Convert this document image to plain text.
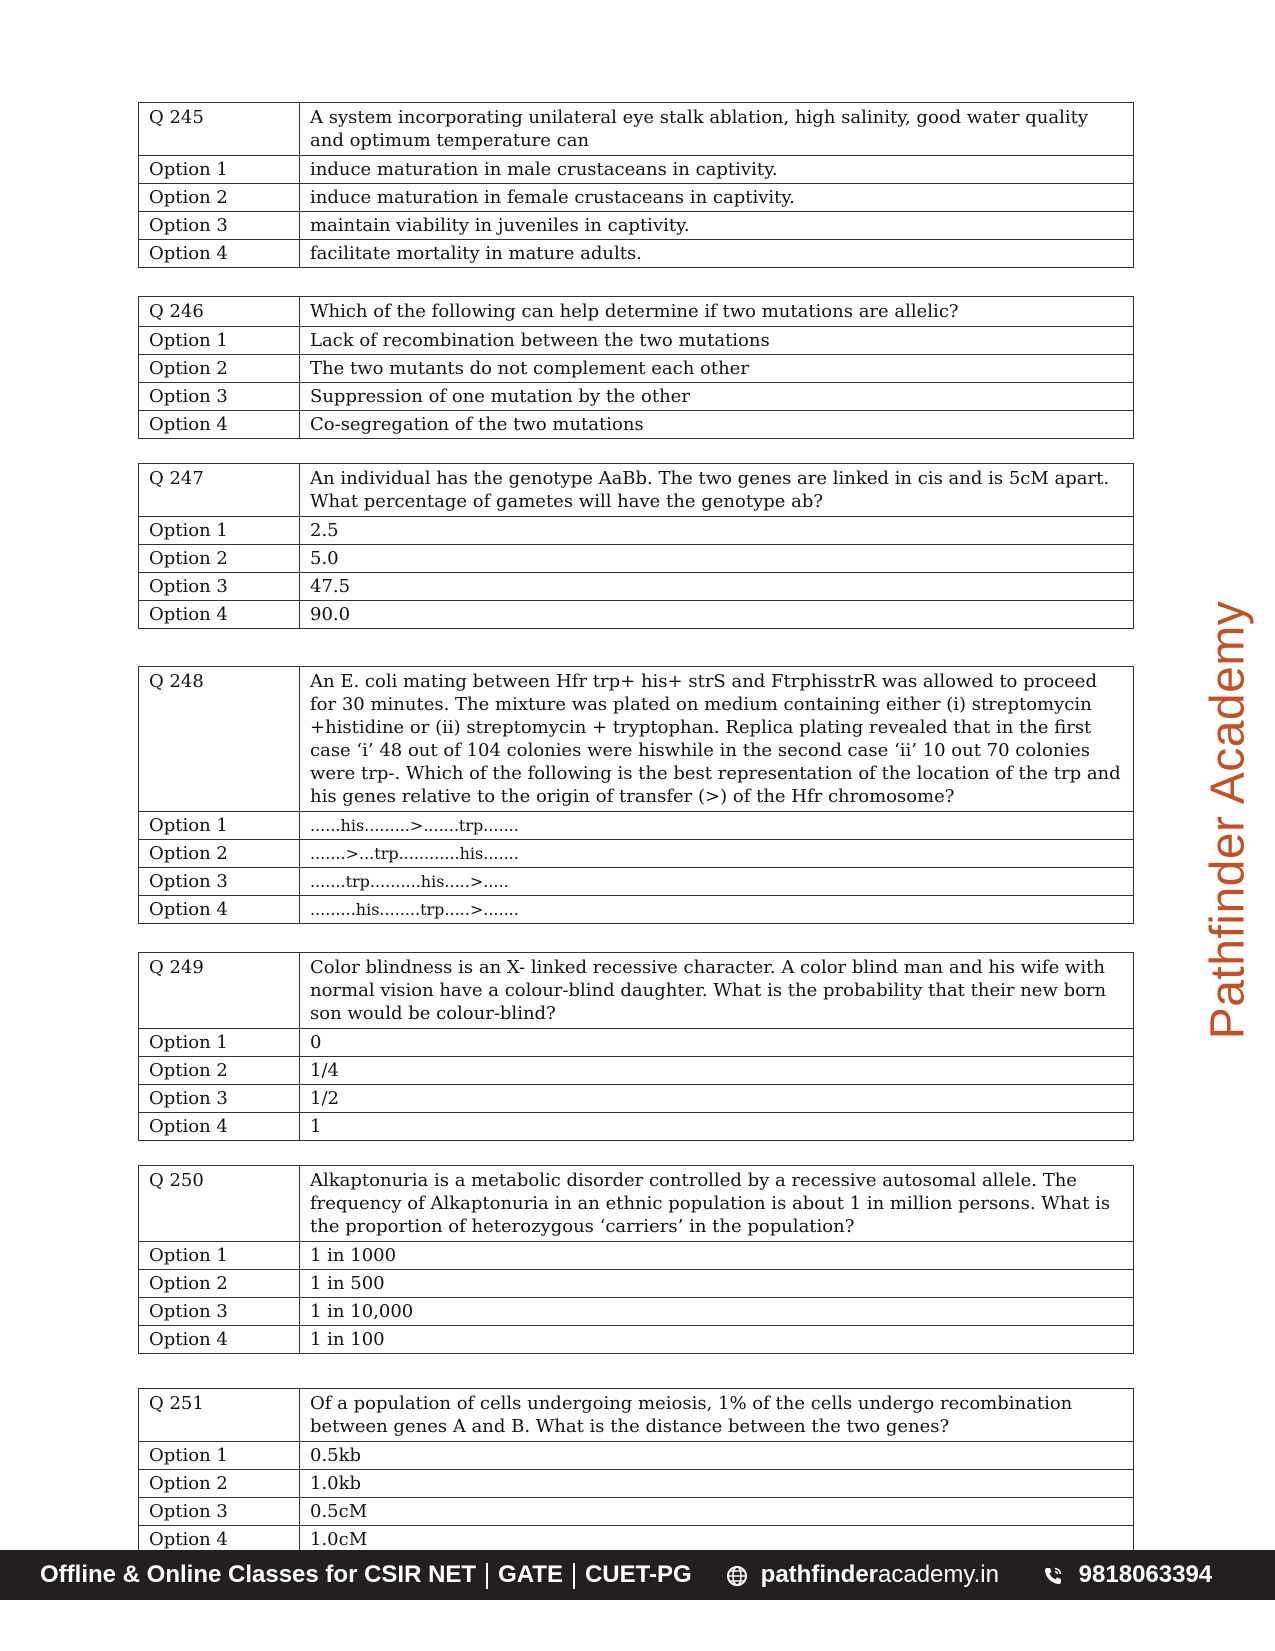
Q 245	A system incorporating unilateral eye stalk ablation, high salinity, good water quality and optimum temperature can
Option 1	induce maturation in male crustaceans in captivity.
Option 2	induce maturation in female crustaceans in captivity.
Option 3	maintain viability in juveniles in captivity.
Option 4	facilitate mortality in mature adults.
Q 246	Which of the following can help determine if two mutations are allelic?
Option 1	Lack of recombination between the two mutations
Option 2	The two mutants do not complement each other
Option 3	Suppression of one mutation by the other
Option 4	Co-segregation of the two mutations
Q 247	An individual has the genotype AaBb. The two genes are linked in cis and is 5cM apart. What percentage of gametes will have the genotype ab?
Option 1	2.5
Option 2	5.0
Option 3	47.5
Option 4	90.0
Q 248	An E. coli mating between Hfr trp+ his+ strS and FtrphisstrR was allowed to proceed for 30 minutes. The mixture was plated on medium containing either (i) streptomycin +histidine or (ii) streptomycin + tryptophan. Replica plating revealed that in the first case ‘i’ 48 out of 104 colonies were hiswhile in the second case ‘ii’ 10 out 70 colonies were trp-. Which of the following is the best representation of the location of the trp and his genes relative to the origin of transfer (>) of the Hfr chromosome?
Option 1	......his.........>.......trp.......
Option 2	.......>...trp............his.......
Option 3	.......trp..........his.....>.....
Option 4	.........his........trp.....>.......
Q 249	Color blindness is an X- linked recessive character. A color blind man and his wife with normal vision have a colour-blind daughter. What is the probability that their new born son would be colour-blind?
Option 1	0
Option 2	1/4
Option 3	1/2
Option 4	1
Q 250	Alkaptonuria is a metabolic disorder controlled by a recessive autosomal allele. The frequency of Alkaptonuria in an ethnic population is about 1 in million persons. What is the proportion of heterozygous ‘carriers’ in the population?
Option 1	1 in 1000
Option 2	1 in 500
Option 3	1 in 10,000
Option 4	1 in 100
Q 251	Of a population of cells undergoing meiosis, 1% of the cells undergo recombination between genes A and B. What is the distance between the two genes?
Option 1	0.5kb
Option 2	1.0kb
Option 3	0.5cM
Option 4	1.0cM
Pathfinder Academy
Offline & Online Classes for CSIR NET GATE CUET-PG	pathfinderacademy.in	9818063394
